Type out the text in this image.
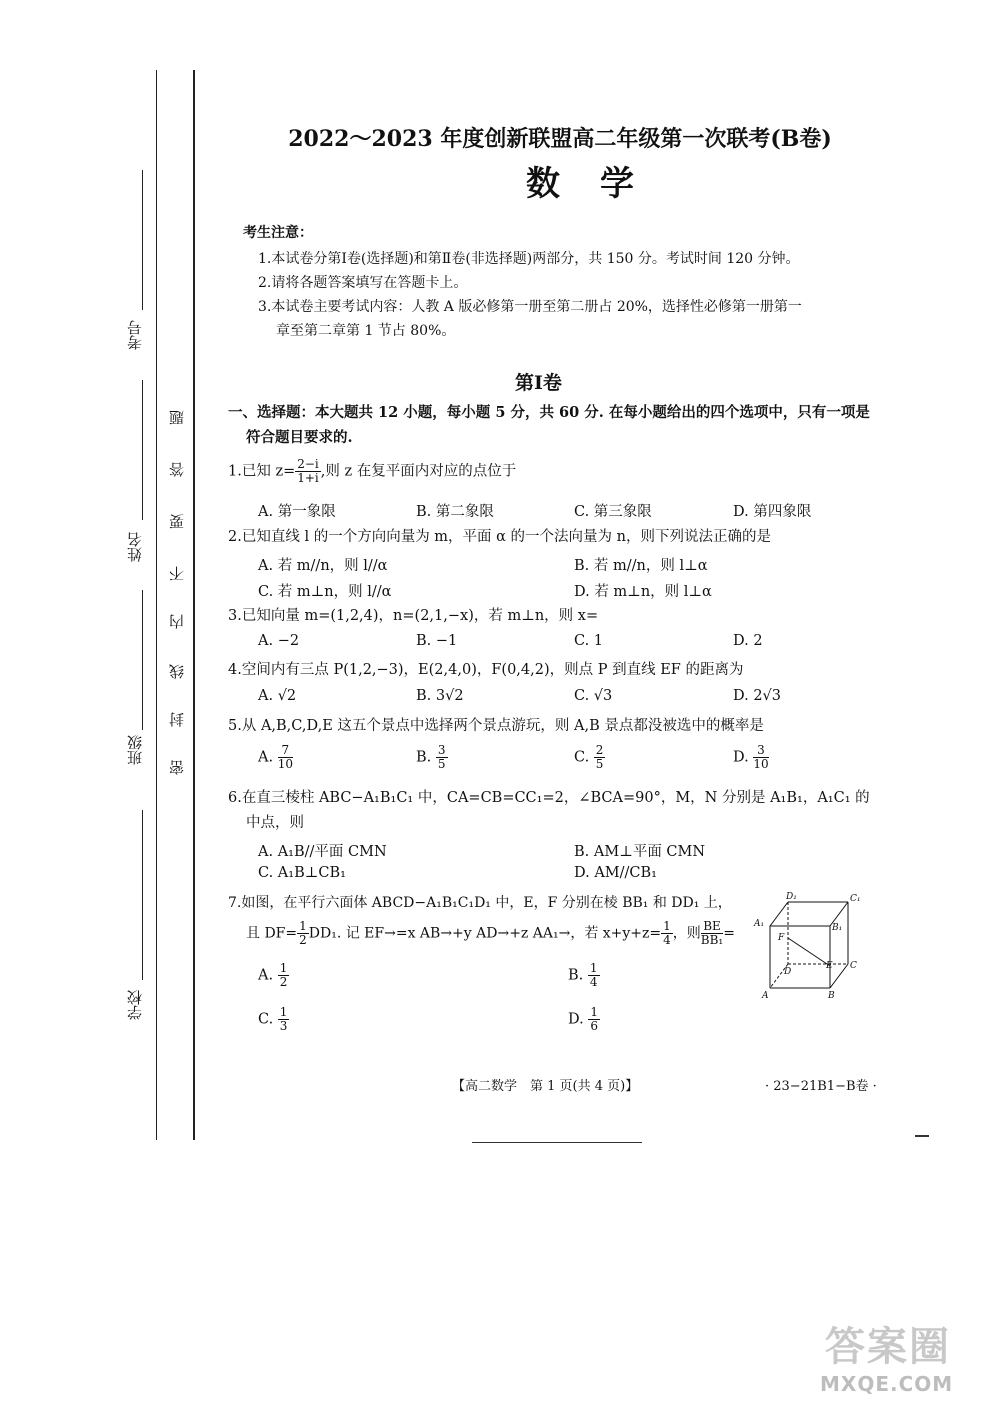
考号
姓名
班级
学校
题
答
要
不
内
线
封
密
2022～2023 年度创新联盟高二年级第一次联考(B卷)
数学
考生注意：
1.本试卷分第Ⅰ卷(选择题)和第Ⅱ卷(非选择题)两部分，共 150 分。考试时间 120 分钟。
2.请将各题答案填写在答题卡上。
3.本试卷主要考试内容：人教 A 版必修第一册至第二册占 20%，选择性必修第一册第一
章至第二章第 1 节占 80%。
第Ⅰ卷
一、选择题：本大题共 12 小题，每小题 5 分，共 60 分. 在每小题给出的四个选项中，只有一项是
符合题目要求的.
1.已知 $z= \frac{2-i}{1+i}$ ,则 z 在复平面内对应的点位于
A. 第一象限	B. 第二象限	C. 第三象限	D. 第四象限
2.已知直线 l 的一个方向向量为 m，平面 α 的一个法向量为 n，则下列说法正确的是
A. 若 m//n，则 l//α	B. 若 m//n，则 l⊥α
C. 若 m⊥n，则 l//α	D. 若 m⊥n，则 l⊥α
3.已知向量 m=(1,2,4)，n=(2,1,−x)，若 m⊥n，则 x=
A. −2	B. −1	C. 1	D. 2
4.空间内有三点 P(1,2,−3)，E(2,4,0)，F(0,4,2)，则点 P 到直线 EF 的距离为
A. √2	B. 3√2	C. √3	D. 2√3
5.从 A,B,C,D,E 这五个景点中选择两个景点游玩，则 A,B 景点都没被选中的概率是
A. $\frac{7}{10}$	B. $\frac{3}{5}$	C. $\frac{2}{5}$	D. $\frac{3}{10}$
6.在直三棱柱 ABC−A₁B₁C₁ 中，CA=CB=CC₁=2，∠BCA=90°，M，N 分别是 A₁B₁，A₁C₁ 的
中点，则
A. A₁B//平面 CMN	B. AM⊥平面 CMN
C. A₁B⊥CB₁	D. AM//CB₁
7.如图，在平行六面体 ABCD−A₁B₁C₁D₁ 中，E，F 分别在棱 BB₁ 和 DD₁ 上，
且 $DF= \frac{1}{2} DD_1$. 记 EF→=x AB→+y AD→+z AA₁→，若 $x+y+z= \frac{1}{4}$ ，则 $\frac{BE}{\text{BB₁}}$ =
A. $\frac{1}{2}$	B. $\frac{1}{4}$
C. $\frac{1}{3}$	D. $\frac{1}{6}$
D₁	C₁
A₁	B₁
F
D
E C
A	B
【高二数学　第 1 页(共 4 页)】	· 23−21B1−B卷 ·
答案圈
MXQE.COM
